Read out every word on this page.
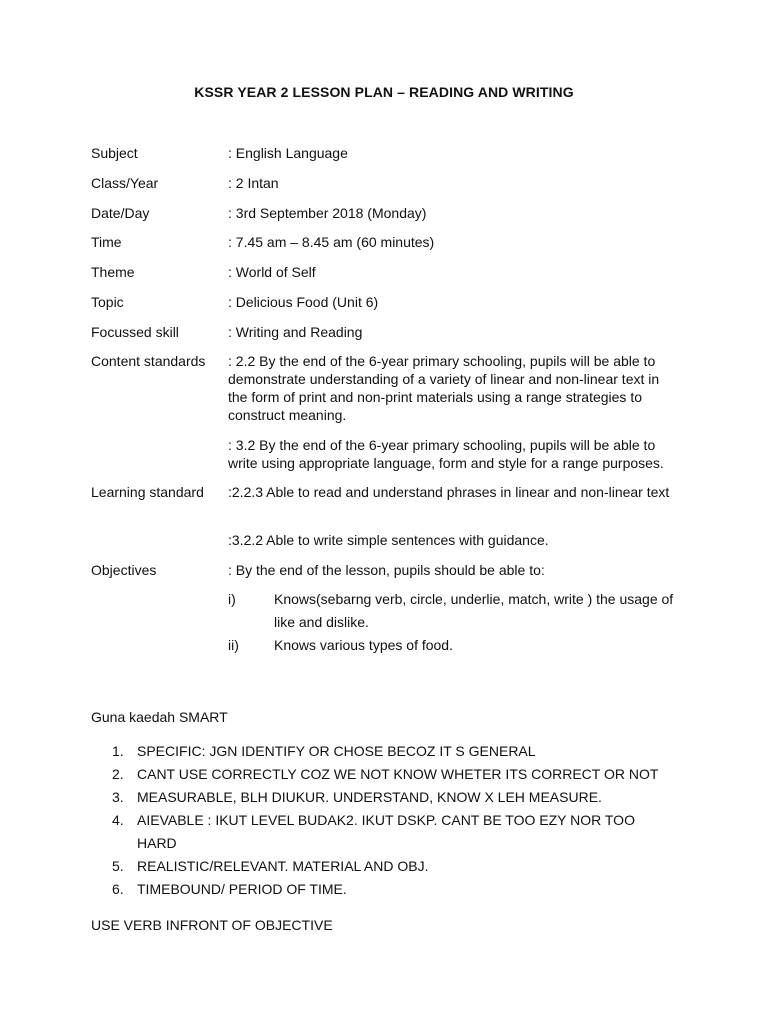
KSSR YEAR 2 LESSON PLAN – READING AND WRITING
Subject	: English Language
Class/Year	: 2 Intan
Date/Day	: 3rd September 2018 (Monday)
Time	: 7.45 am – 8.45 am (60 minutes)
Theme	: World of Self
Topic	: Delicious Food (Unit 6)
Focussed skill	: Writing and Reading
Content standards : 2.2 By the end of the 6-year primary schooling, pupils will be able to demonstrate understanding of a variety of linear and non-linear text in the form of print and non-print materials using a range strategies to construct meaning.
: 3.2 By the end of the 6-year primary schooling, pupils will be able to write using appropriate language, form and style for a range purposes.
Learning standard :2.2.3 Able to read and understand phrases in linear and non-linear text
:3.2.2 Able to write simple sentences with guidance.
Objectives	: By the end of the lesson, pupils should be able to:
i)	Knows(sebarng verb, circle, underlie, match, write ) the usage of like and dislike.
ii)	Knows various types of food.
Guna kaedah SMART
1. SPECIFIC: JGN IDENTIFY OR CHOSE BECOZ IT S GENERAL
2. CANT USE CORRECTLY COZ WE NOT KNOW WHETER ITS CORRECT OR NOT
3. MEASURABLE, BLH DIUKUR. UNDERSTAND, KNOW X LEH MEASURE.
4. AIEVABLE : IKUT LEVEL BUDAK2. IKUT DSKP. CANT BE TOO EZY NOR TOO HARD
5. REALISTIC/RELEVANT. MATERIAL AND OBJ.
6. TIMEBOUND/ PERIOD OF TIME.
USE VERB INFRONT OF OBJECTIVE
